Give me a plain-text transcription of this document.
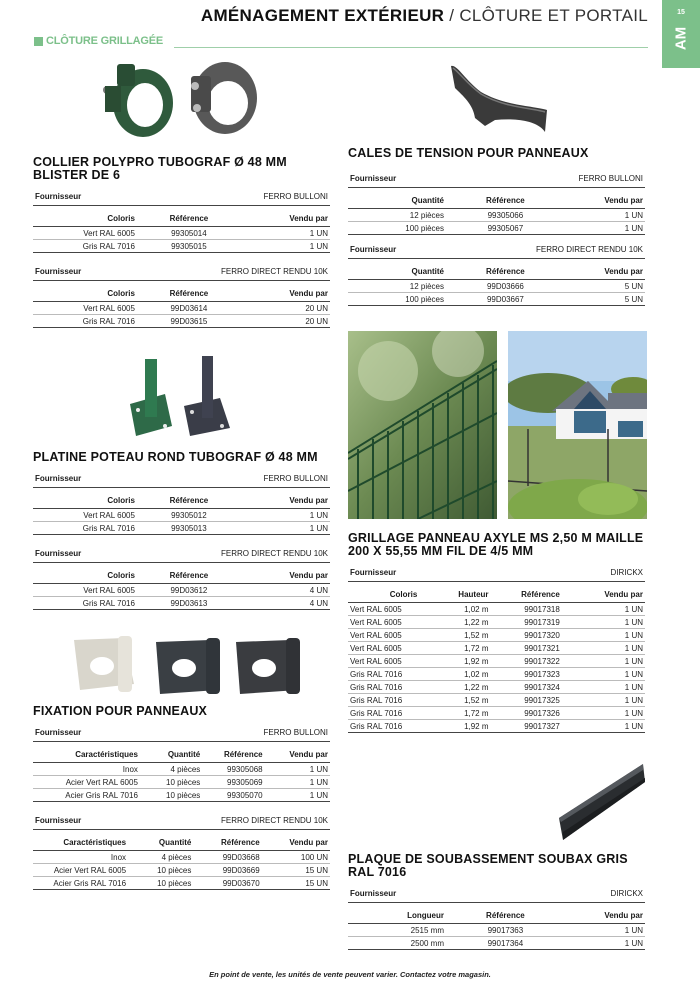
AMÉNAGEMENT EXTÉRIEUR / CLÔTURE ET PORTAIL	15
AM
CLÔTURE GRILLAGÉE
COLLIER POLYPRO TUBOGRAF Ø 48 MM
BLISTER DE 6
Fournisseur	FERRO BULLONI
Coloris	Référence	Vendu par
Vert RAL 6005	99305014	1 UN
Gris RAL 7016	99305015	1 UN
Fournisseur	FERRO DIRECT RENDU 10K
Coloris	Référence	Vendu par
Vert RAL 6005	99D03614	20 UN
Gris RAL 7016	99D03615	20 UN
PLATINE POTEAU ROND TUBOGRAF Ø 48 MM
Fournisseur	FERRO BULLONI
Coloris	Référence	Vendu par
Vert RAL 6005	99305012	1 UN
Gris RAL 7016	99305013	1 UN
Fournisseur	FERRO DIRECT RENDU 10K
Coloris	Référence	Vendu par
Vert RAL 6005	99D03612	4 UN
Gris RAL 7016	99D03613	4 UN
FIXATION POUR PANNEAUX
Fournisseur	FERRO BULLONI
Caractéristiques	Quantité	Référence	Vendu par
Inox	4 pièces	99305068	1 UN
Acier Vert RAL 6005	10 pièces	99305069	1 UN
Acier Gris RAL 7016	10 pièces	99305070	1 UN
Fournisseur	FERRO DIRECT RENDU 10K
Caractéristiques	Quantité	Référence	Vendu par
Inox	4 pièces	99D03668	100 UN
Acier Vert RAL 6005	10 pièces	99D03669	15 UN
Acier Gris RAL 7016	10 pièces	99D03670	15 UN
CALES DE TENSION POUR PANNEAUX
Fournisseur	FERRO BULLONI
Quantité	Référence	Vendu par
12 pièces	99305066	1 UN
100 pièces	99305067	1 UN
Fournisseur	FERRO DIRECT RENDU 10K
Quantité	Référence	Vendu par
12 pièces	99D03666	5 UN
100 pièces	99D03667	5 UN
GRILLAGE PANNEAU AXYLE MS 2,50 M MAILLE
200 X 55,55 MM FIL DE 4/5 MM
Fournisseur	DIRICKX
Coloris	Hauteur	Référence	Vendu par
Vert RAL 6005	1,02 m	99017318	1 UN
Vert RAL 6005	1,22 m	99017319	1 UN
Vert RAL 6005	1,52 m	99017320	1 UN
Vert RAL 6005	1,72 m	99017321	1 UN
Vert RAL 6005	1,92 m	99017322	1 UN
Gris RAL 7016	1,02 m	99017323	1 UN
Gris RAL 7016	1,22 m	99017324	1 UN
Gris RAL 7016	1,52 m	99017325	1 UN
Gris RAL 7016	1,72 m	99017326	1 UN
Gris RAL 7016	1,92 m	99017327	1 UN
PLAQUE DE SOUBASSEMENT SOUBAX GRIS
RAL 7016
Fournisseur	DIRICKX
Longueur	Référence	Vendu par
2515 mm	99017363	1 UN
2500 mm	99017364	1 UN
En point de vente, les unités de vente peuvent varier. Contactez votre magasin.
